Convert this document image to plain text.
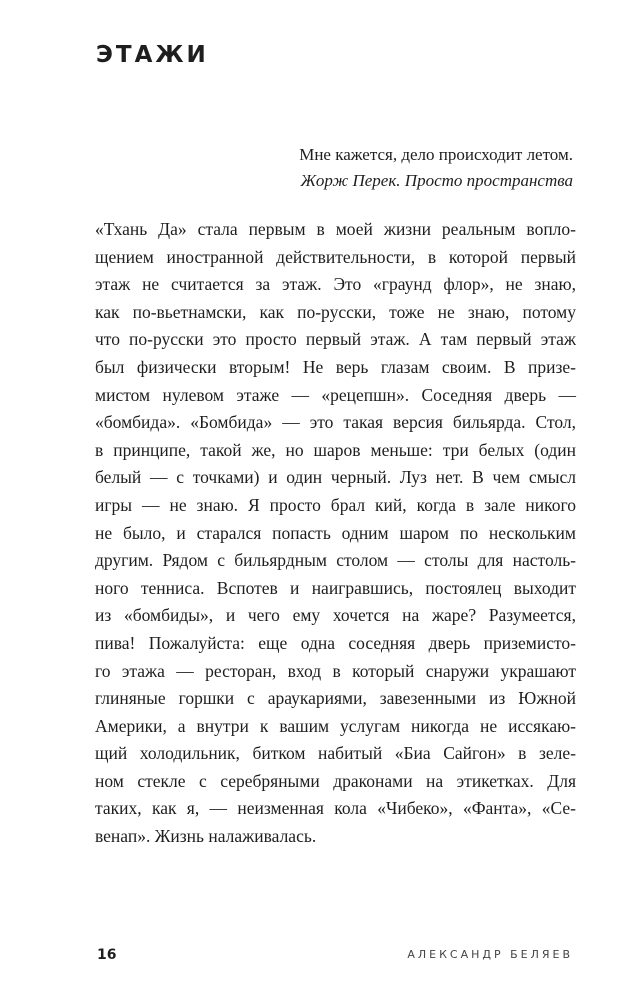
ЭТАЖИ
Мне кажется, дело происходит летом.
Жорж Перек. Просто пространства
«Тхань Да» стала первым в моей жизни реальным вопло-
щением иностранной действительности, в которой первый
этаж не считается за этаж. Это «граунд флор», не знаю,
как по-вьетнамски, как по-русски, тоже не знаю, потому
что по-русски это просто первый этаж. А там первый этаж
был физически вторым! Не верь глазам своим. В призе-
мистом нулевом этаже — «рецепшн». Соседняя дверь —
«бомбида». «Бомбида» — это такая версия бильярда. Стол,
в принципе, такой же, но шаров меньше: три белых (один
белый — с точками) и один черный. Луз нет. В чем смысл
игры — не знаю. Я просто брал кий, когда в зале никого
не было, и старался попасть одним шаром по нескольким
другим. Рядом с бильярдным столом — столы для настоль-
ного тенниса. Вспотев и наигравшись, постоялец выходит
из «бомбиды», и чего ему хочется на жаре? Разумеется,
пива! Пожалуйста: еще одна соседняя дверь приземисто-
го этажа — ресторан, вход в который снаружи украшают
глиняные горшки с араукариями, завезенными из Южной
Америки, а внутри к вашим услугам никогда не иссякаю-
щий холодильник, битком набитый «Биа Сайгон» в зеле-
ном стекле с серебряными драконами на этикетках. Для
таких, как я, — неизменная кола «Чибеко», «Фанта», «Се-
венап». Жизнь налаживалась.
16	АЛЕКСАНДР БЕЛЯЕВ
